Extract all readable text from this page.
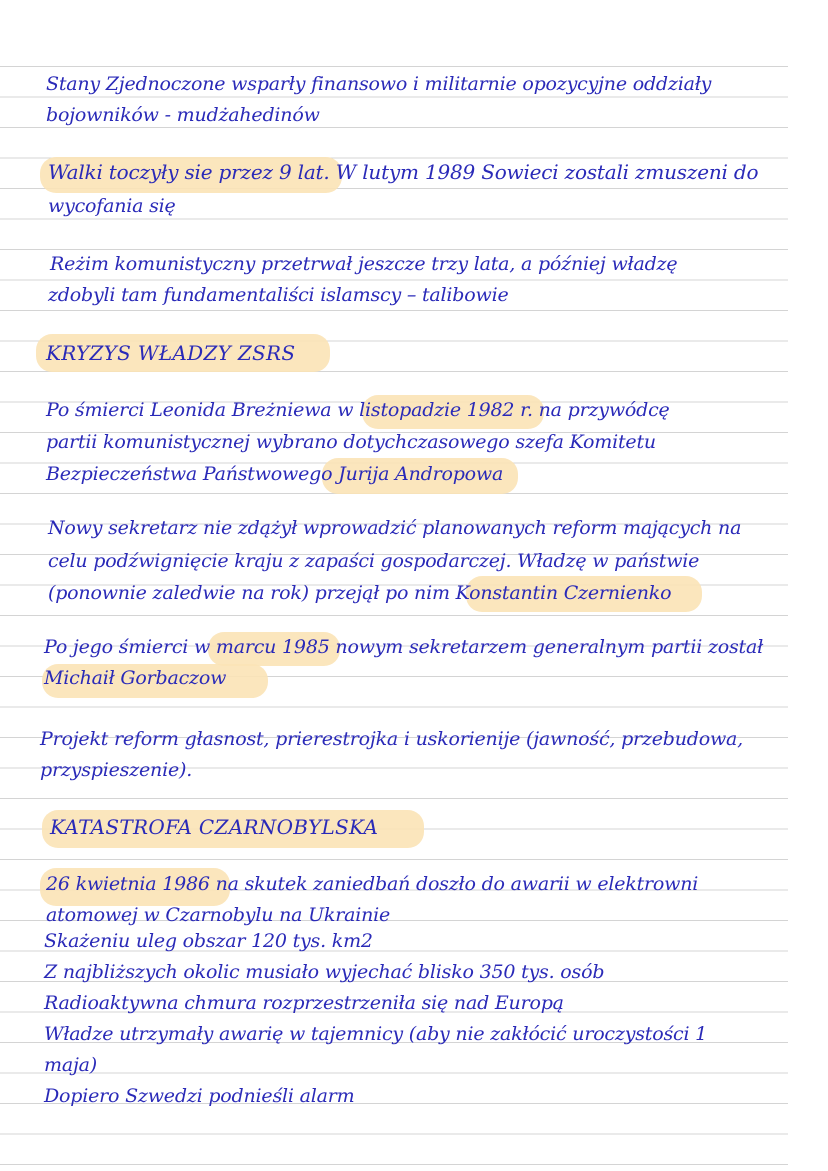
Stany Zjednoczone wsparły finansowo i militarnie opozycyjne oddziały
bojowników - mudżahedinów
Walki toczyły sie przez 9 lat. W lutym 1989 Sowieci zostali zmuszeni do
wycofania się
Reżim komunistyczny przetrwał jeszcze trzy lata, a później władzę
zdobyli tam fundamentaliści islamscy – talibowie
KRYZYS WŁADZY ZSRS
Po śmierci Leonida Breżniewa w listopadzie 1982 r. na przywódcę
partii komunistycznej wybrano dotychczasowego szefa Komitetu
Bezpieczeństwa Państwowego Jurija Andropowa
Nowy sekretarz nie zdążył wprowadzić planowanych reform mających na
celu podźwignięcie kraju z zapaści gospodarczej. Władzę w państwie
(ponownie zaledwie na rok) przejął po nim Konstantin Czernienko
Po jego śmierci w marcu 1985 nowym sekretarzem generalnym partii został
Michaił Gorbaczow
Projekt reform głasnost, prierestrojka i uskorienije (jawność, przebudowa,
przyspieszenie).
KATASTROFA CZARNOBYLSKA
26 kwietnia 1986 na skutek zaniedbań doszło do awarii w elektrowni
atomowej w Czarnobylu na Ukrainie
Skażeniu uleg obszar 120 tys. km2
Z najbliższych okolic musiało wyjechać blisko 350 tys. osób
Radioaktywna chmura rozprzestrzeniła się nad Europą
Władze utrzymały awarię w tajemnicy (aby nie zakłócić uroczystości 1
maja)
Dopiero Szwedzi podnieśli alarm
